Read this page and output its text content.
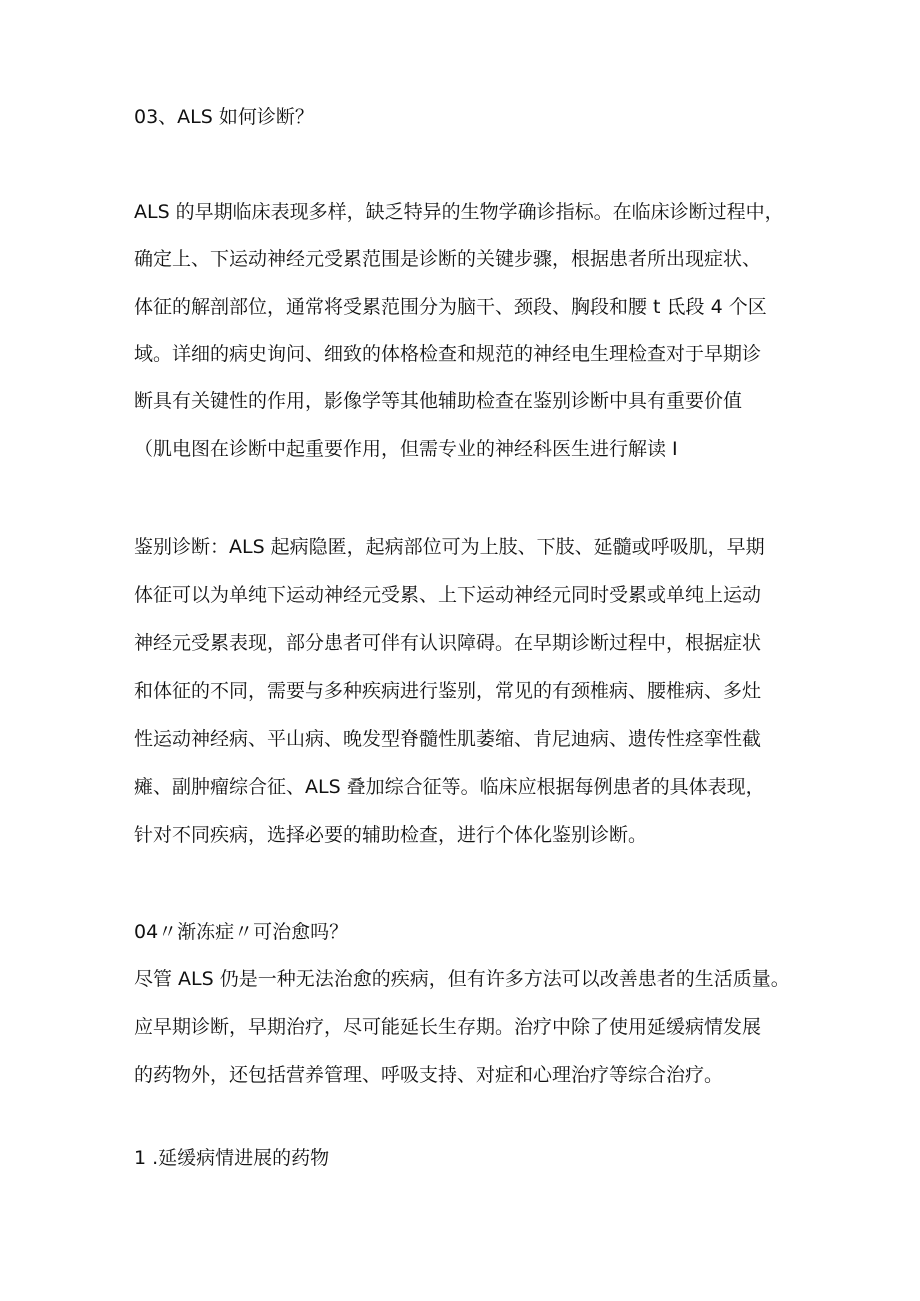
03、ALS 如何诊断？
ALS 的早期临床表现多样，缺乏特异的生物学确诊指标。在临床诊断过程中，
确定上、下运动神经元受累范围是诊断的关键步骤，根据患者所出现症状、
体征的解剖部位，通常将受累范围分为脑干、颈段、胸段和腰 t 氐段 4 个区
域。详细的病史询问、细致的体格检查和规范的神经电生理检查对于早期诊
断具有关键性的作用，影像学等其他辅助检查在鉴别诊断中具有重要价值
（肌电图在诊断中起重要作用，但需专业的神经科医生进行解读 I
鉴别诊断：ALS 起病隐匿，起病部位可为上肢、下肢、延髓或呼吸肌，早期
体征可以为单纯下运动神经元受累、上下运动神经元同时受累或单纯上运动
神经元受累表现，部分患者可伴有认识障碍。在早期诊断过程中，根据症状
和体征的不同，需要与多种疾病进行鉴别，常见的有颈椎病、腰椎病、多灶
性运动神经病、平山病、晚发型脊髓性肌萎缩、肯尼迪病、遗传性痉挛性截
瘫、副肿瘤综合征、ALS 叠加综合征等。临床应根据每例患者的具体表现，
针对不同疾病，选择必要的辅助检查，进行个体化鉴别诊断。
04〃渐冻症〃可治愈吗？
尽管 ALS 仍是一种无法治愈的疾病，但有许多方法可以改善患者的生活质量。
应早期诊断，早期治疗，尽可能延长生存期。治疗中除了使用延缓病情发展
的药物外，还包括营养管理、呼吸支持、对症和心理治疗等综合治疗。
1 .延缓病情进展的药物
